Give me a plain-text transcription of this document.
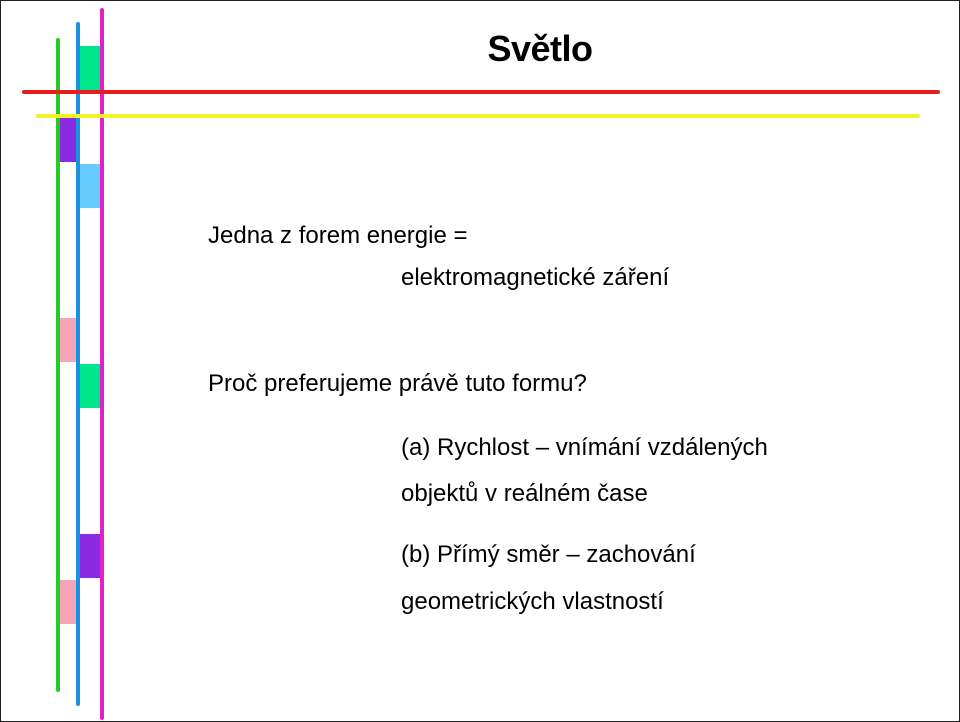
Světlo
Jedna z forem energie =
elektromagnetické záření
Proč preferujeme právě tuto formu?
(a) Rychlost – vnímání vzdálených
objektů v reálném čase
(b) Přímý směr – zachování
geometrických vlastností
